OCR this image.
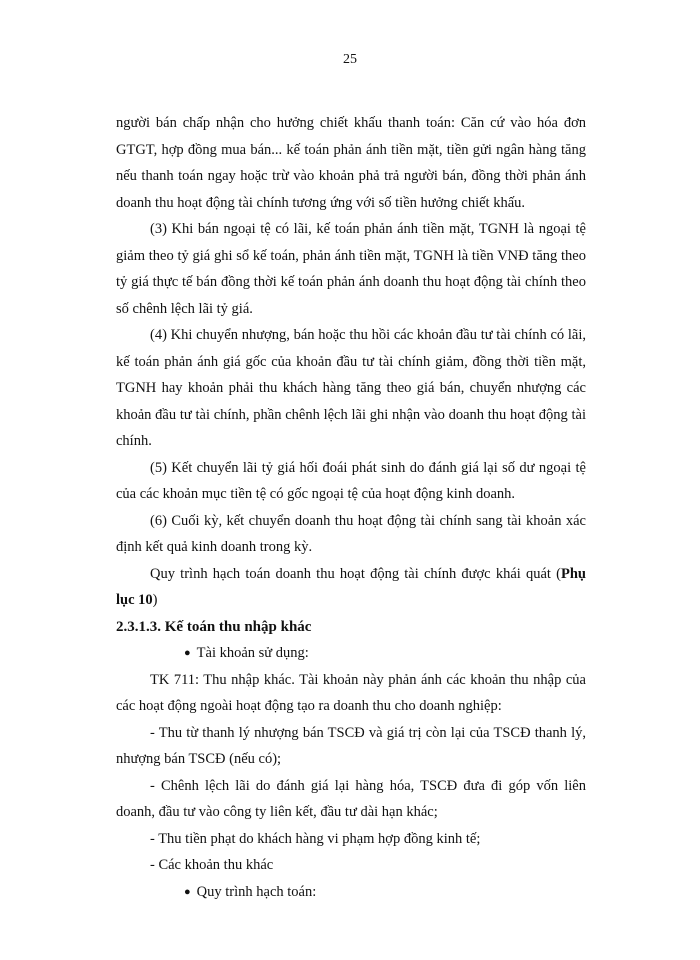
25

người bán chấp nhận cho hưởng chiết khấu thanh toán: Căn cứ vào hóa đơn GTGT, hợp đồng mua bán... kế toán phản ánh tiền mặt, tiền gửi ngân hàng tăng nếu thanh toán ngay hoặc trừ vào khoản phả trả người bán, đồng thời phản ánh doanh thu hoạt động tài chính tương ứng với số tiền hưởng chiết khấu.

(3) Khi bán ngoại tệ có lãi, kế toán phản ánh tiền mặt, TGNH là ngoại tệ giảm theo tỷ giá ghi sổ kế toán, phản ánh tiền mặt, TGNH là tiền VNĐ tăng theo tỷ giá thực tế bán đồng thời kế toán phản ánh doanh thu hoạt động tài chính theo số chênh lệch lãi tỷ giá.

(4) Khi chuyển nhượng, bán hoặc thu hồi các khoản đầu tư tài chính có lãi, kế toán phản ánh giá gốc của khoản đầu tư tài chính giảm, đồng thời tiền mặt, TGNH hay khoản phải thu khách hàng tăng theo giá bán, chuyển nhượng các khoản đầu tư tài chính, phần chênh lệch lãi ghi nhận vào doanh thu hoạt động tài chính.

(5) Kết chuyển lãi tỷ giá hối đoái phát sinh do đánh giá lại số dư ngoại tệ của các khoản mục tiền tệ có gốc ngoại tệ của hoạt động kinh doanh.

(6) Cuối kỳ, kết chuyển doanh thu hoạt động tài chính sang tài khoản xác định kết quả kinh doanh trong kỳ.

Quy trình hạch toán doanh thu hoạt động tài chính được khái quát (Phụ lục 10)

2.3.1.3. Kế toán thu nhập khác

● Tài khoản sử dụng:

TK 711: Thu nhập khác. Tài khoản này phản ánh các khoản thu nhập của các hoạt động ngoài hoạt động tạo ra doanh thu cho doanh nghiệp:

- Thu từ thanh lý nhượng bán TSCĐ và giá trị còn lại của TSCĐ thanh lý, nhượng bán TSCĐ (nếu có);

- Chênh lệch lãi do đánh giá lại hàng hóa, TSCĐ đưa đi góp vốn liên doanh, đầu tư vào công ty liên kết, đầu tư dài hạn khác;

- Thu tiền phạt do khách hàng vi phạm hợp đồng kinh tế;

- Các khoản thu khác

● Quy trình hạch toán:
